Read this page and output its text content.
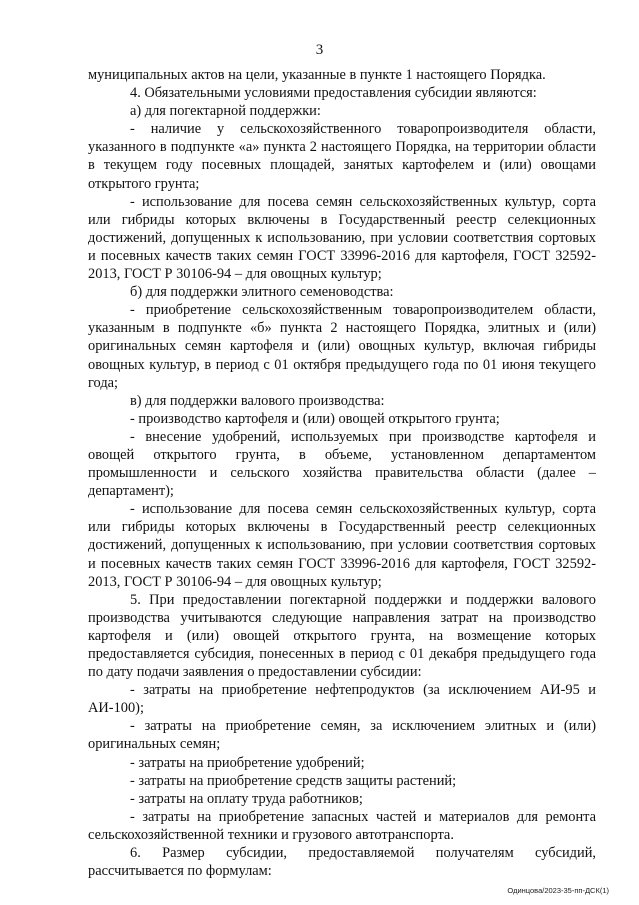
3

муниципальных актов на цели, указанные в пункте 1 настоящего Порядка.

4. Обязательными условиями предоставления субсидии являются:

а) для погектарной поддержки:

- наличие у сельскохозяйственного товаропроизводителя области, указанного в подпункте «а» пункта 2 настоящего Порядка, на территории области в текущем году посевных площадей, занятых картофелем и (или) овощами открытого грунта;

- использование для посева семян сельскохозяйственных культур, сорта или гибриды которых включены в Государственный реестр селекционных достижений, допущенных к использованию, при условии соответствия сортовых и посевных качеств таких семян ГОСТ 33996-2016 для картофеля, ГОСТ 32592-2013, ГОСТ Р 30106-94 – для овощных культур;

б) для поддержки элитного семеноводства:

- приобретение сельскохозяйственным товаропроизводителем области, указанным в подпункте «б» пункта 2 настоящего Порядка, элитных и (или) оригинальных семян картофеля и (или) овощных культур, включая гибриды овощных культур, в период с 01 октября предыдущего года по 01 июня текущего года;

в) для поддержки валового производства:

- производство картофеля и (или) овощей открытого грунта;

- внесение удобрений, используемых при производстве картофеля и овощей открытого грунта, в объеме, установленном департаментом промышленности и сельского хозяйства правительства области (далее – департамент);

- использование для посева семян сельскохозяйственных культур, сорта или гибриды которых включены в Государственный реестр селекционных достижений, допущенных к использованию, при условии соответствия сортовых и посевных качеств таких семян ГОСТ 33996-2016 для картофеля, ГОСТ 32592-2013, ГОСТ Р 30106-94 – для овощных культур;

5. При предоставлении погектарной поддержки и поддержки валового производства учитываются следующие направления затрат на производство картофеля и (или) овощей открытого грунта, на возмещение которых предоставляется субсидия, понесенных в период с 01 декабря предыдущего года по дату подачи заявления о предоставлении субсидии:

- затраты на приобретение нефтепродуктов (за исключением АИ-95 и АИ-100);

- затраты на приобретение семян, за исключением элитных и (или) оригинальных семян;

- затраты на приобретение удобрений;

- затраты на приобретение средств защиты растений;

- затраты на оплату труда работников;

- затраты на приобретение запасных частей и материалов для ремонта сельскохозяйственной техники и грузового автотранспорта.

6. Размер субсидии, предоставляемой получателям субсидий, рассчитывается по формулам:

Одинцова/2023-35-пп-ДСК(1)
